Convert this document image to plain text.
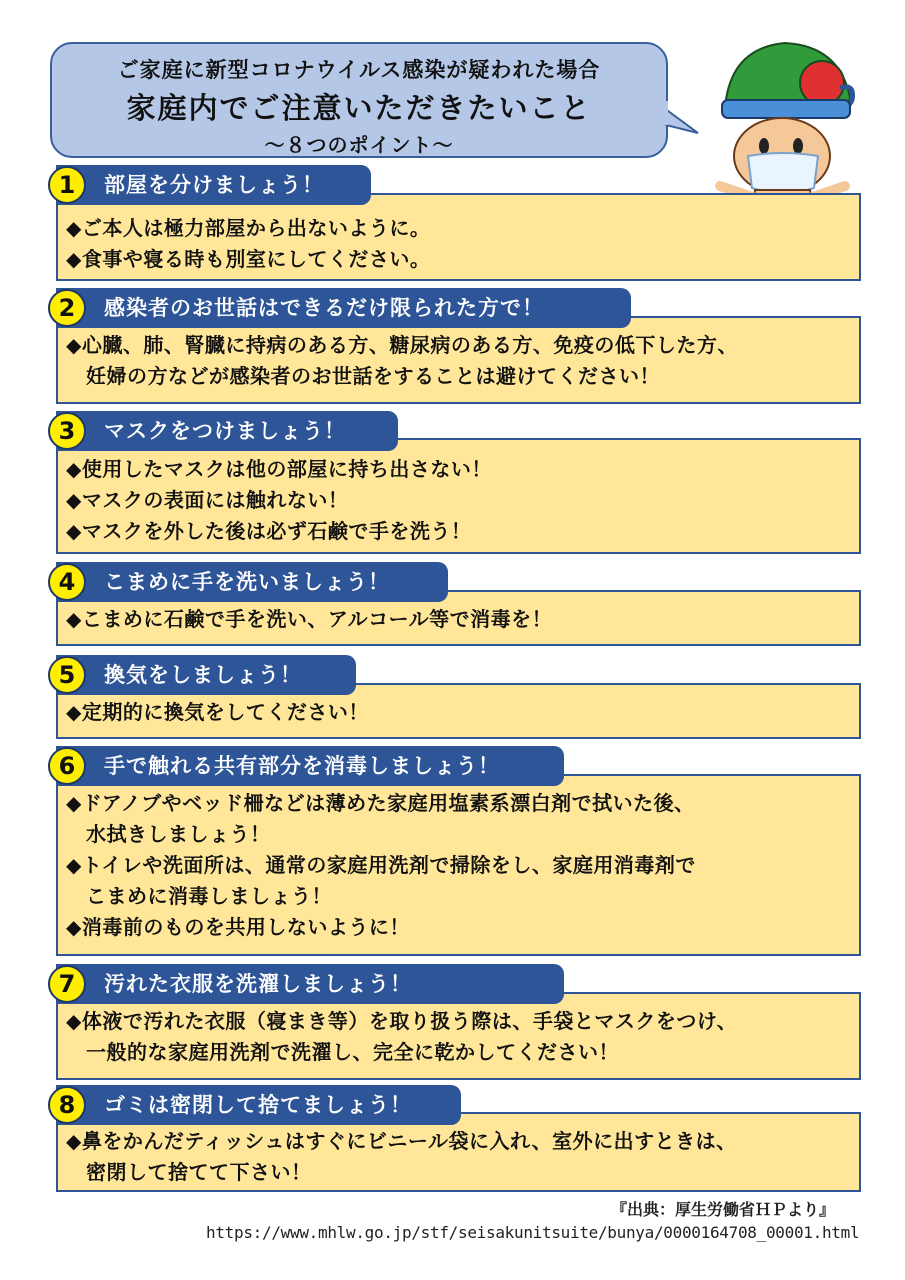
ご家庭に新型コロナウイルス感染が疑われた場合
家庭内でご注意いただきたいこと
～８つのポイント～
◆ご本人は極力部屋から出ないように。
◆食事や寝る時も別室にしてください。
部屋を分けましょう！
1
◆心臓、肺、腎臓に持病のある方、糖尿病のある方、免疫の低下した方、
妊婦の方などが感染者のお世話をすることは避けてください！
感染者のお世話はできるだけ限られた方で！
2
◆使用したマスクは他の部屋に持ち出さない！
◆マスクの表面には触れない！
◆マスクを外した後は必ず石鹸で手を洗う！
マスクをつけましょう！
3
◆こまめに石鹸で手を洗い、アルコール等で消毒を！
こまめに手を洗いましょう！
4
◆定期的に換気をしてください！
換気をしましょう！
5
◆ドアノブやベッド柵などは薄めた家庭用塩素系漂白剤で拭いた後、
水拭きしましょう！
◆トイレや洗面所は、通常の家庭用洗剤で掃除をし、家庭用消毒剤で
こまめに消毒しましょう！
◆消毒前のものを共用しないように！
手で触れる共有部分を消毒しましょう！
6
◆体液で汚れた衣服（寝まき等）を取り扱う際は、手袋とマスクをつけ、
一般的な家庭用洗剤で洗濯し、完全に乾かしてください！
汚れた衣服を洗濯しましょう！
7
◆鼻をかんだティッシュはすぐにビニール袋に入れ、室外に出すときは、
密閉して捨てて下さい！
ゴミは密閉して捨てましょう！
8
『出典：厚生労働省ＨＰより』
https://www.mhlw.go.jp/stf/seisakunitsuite/bunya/0000164708_00001.html
